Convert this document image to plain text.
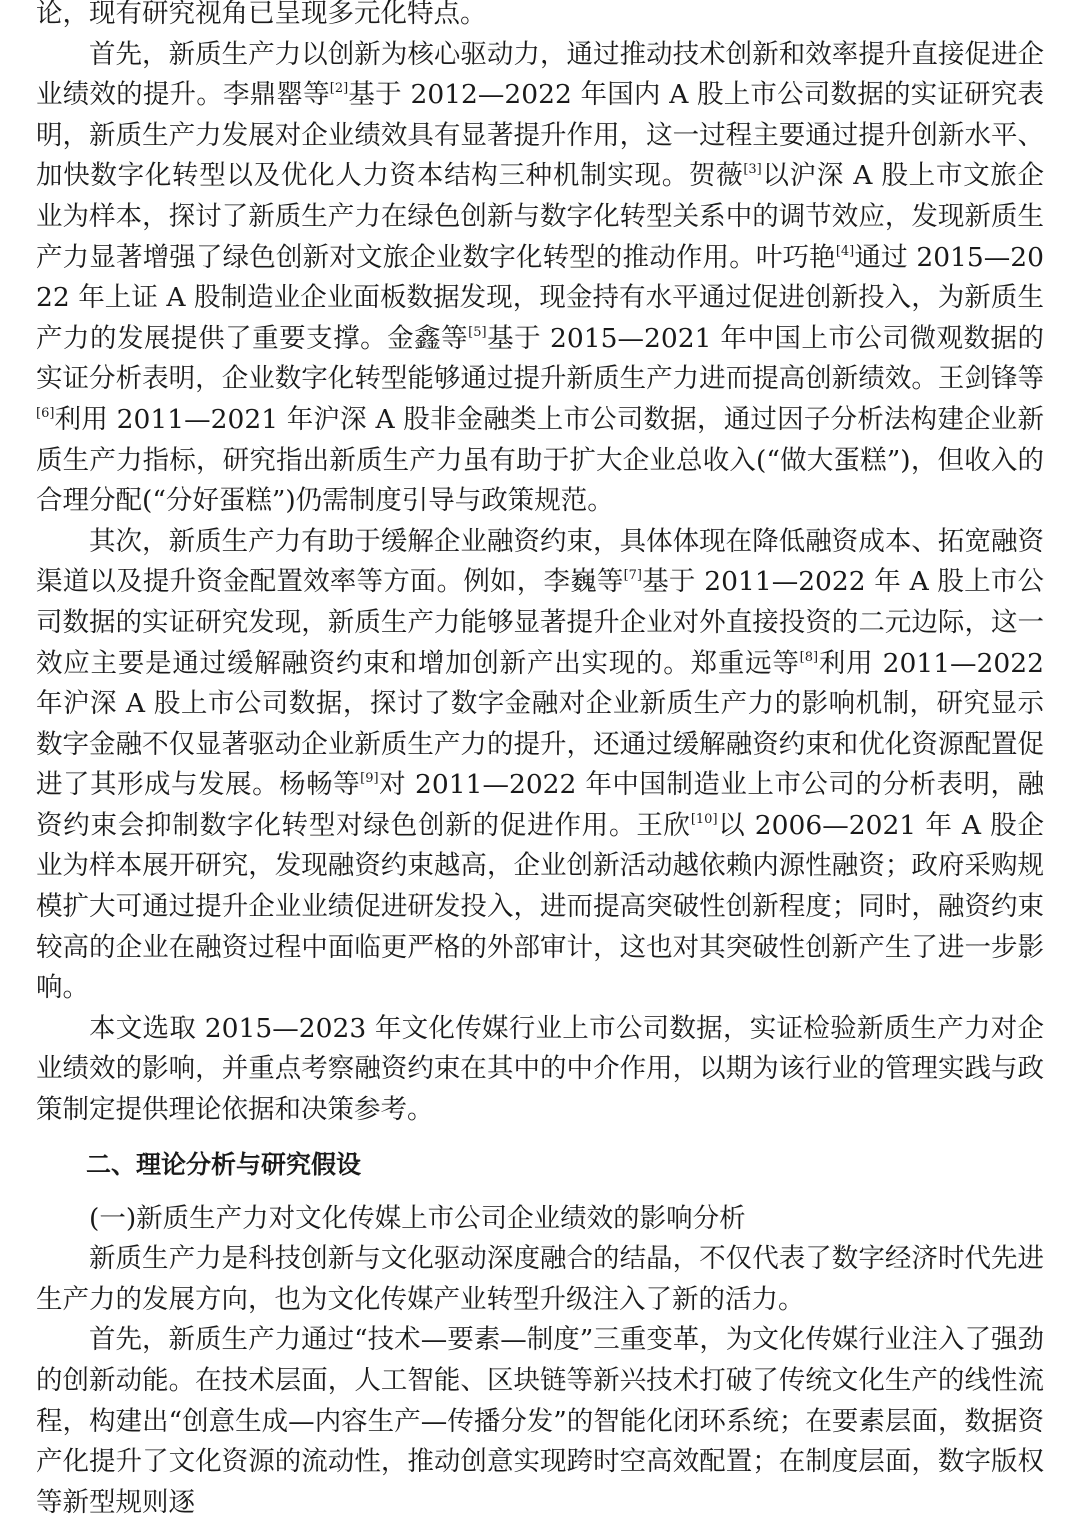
论，现有研究视角已呈现多元化特点。

首先，新质生产力以创新为核心驱动力，通过推动技术创新和效率提升直接促进企业绩效的提升。李鼎罂等[2]基于 2012—2022 年国内 A 股上市公司数据的实证研究表明，新质生产力发展对企业绩效具有显著提升作用，这一过程主要通过提升创新水平、加快数字化转型以及优化人力资本结构三种机制实现。贺薇[3]以沪深 A 股上市文旅企业为样本，探讨了新质生产力在绿色创新与数字化转型关系中的调节效应，发现新质生产力显著增强了绿色创新对文旅企业数字化转型的推动作用。叶巧艳[4]通过 2015—2022 年上证 A 股制造业企业面板数据发现，现金持有水平通过促进创新投入，为新质生产力的发展提供了重要支撑。金鑫等[5]基于 2015—2021 年中国上市公司微观数据的实证分析表明，企业数字化转型能够通过提升新质生产力进而提高创新绩效。王剑锋等[6]利用 2011—2021 年沪深 A 股非金融类上市公司数据，通过因子分析法构建企业新质生产力指标，研究指出新质生产力虽有助于扩大企业总收入(“做大蛋糕”)，但收入的合理分配(“分好蛋糕”)仍需制度引导与政策规范。

其次，新质生产力有助于缓解企业融资约束，具体体现在降低融资成本、拓宽融资渠道以及提升资金配置效率等方面。例如，李巍等[7]基于 2011—2022 年 A 股上市公司数据的实证研究发现，新质生产力能够显著提升企业对外直接投资的二元边际，这一效应主要是通过缓解融资约束和增加创新产出实现的。郑重远等[8]利用 2011—2022 年沪深 A 股上市公司数据，探讨了数字金融对企业新质生产力的影响机制，研究显示数字金融不仅显著驱动企业新质生产力的提升，还通过缓解融资约束和优化资源配置促进了其形成与发展。杨畅等[9]对 2011—2022 年中国制造业上市公司的分析表明，融资约束会抑制数字化转型对绿色创新的促进作用。王欣[10]以 2006—2021 年 A 股企业为样本展开研究，发现融资约束越高，企业创新活动越依赖内源性融资；政府采购规模扩大可通过提升企业业绩促进研发投入，进而提高突破性创新程度；同时，融资约束较高的企业在融资过程中面临更严格的外部审计，这也对其突破性创新产生了进一步影响。

本文选取 2015—2023 年文化传媒行业上市公司数据，实证检验新质生产力对企业绩效的影响，并重点考察融资约束在其中的中介作用，以期为该行业的管理实践与政策制定提供理论依据和决策参考。

二、理论分析与研究假设

(一)新质生产力对文化传媒上市公司企业绩效的影响分析

新质生产力是科技创新与文化驱动深度融合的结晶，不仅代表了数字经济时代先进生产力的发展方向，也为文化传媒产业转型升级注入了新的活力。

首先，新质生产力通过“技术—要素—制度”三重变革，为文化传媒行业注入了强劲的创新动能。在技术层面，人工智能、区块链等新兴技术打破了传统文化生产的线性流程，构建出“创意生成—内容生产—传播分发”的智能化闭环系统；在要素层面，数据资产化提升了文化资源的流动性，推动创意实现跨时空高效配置；在制度层面，数字版权等新型规则逐
